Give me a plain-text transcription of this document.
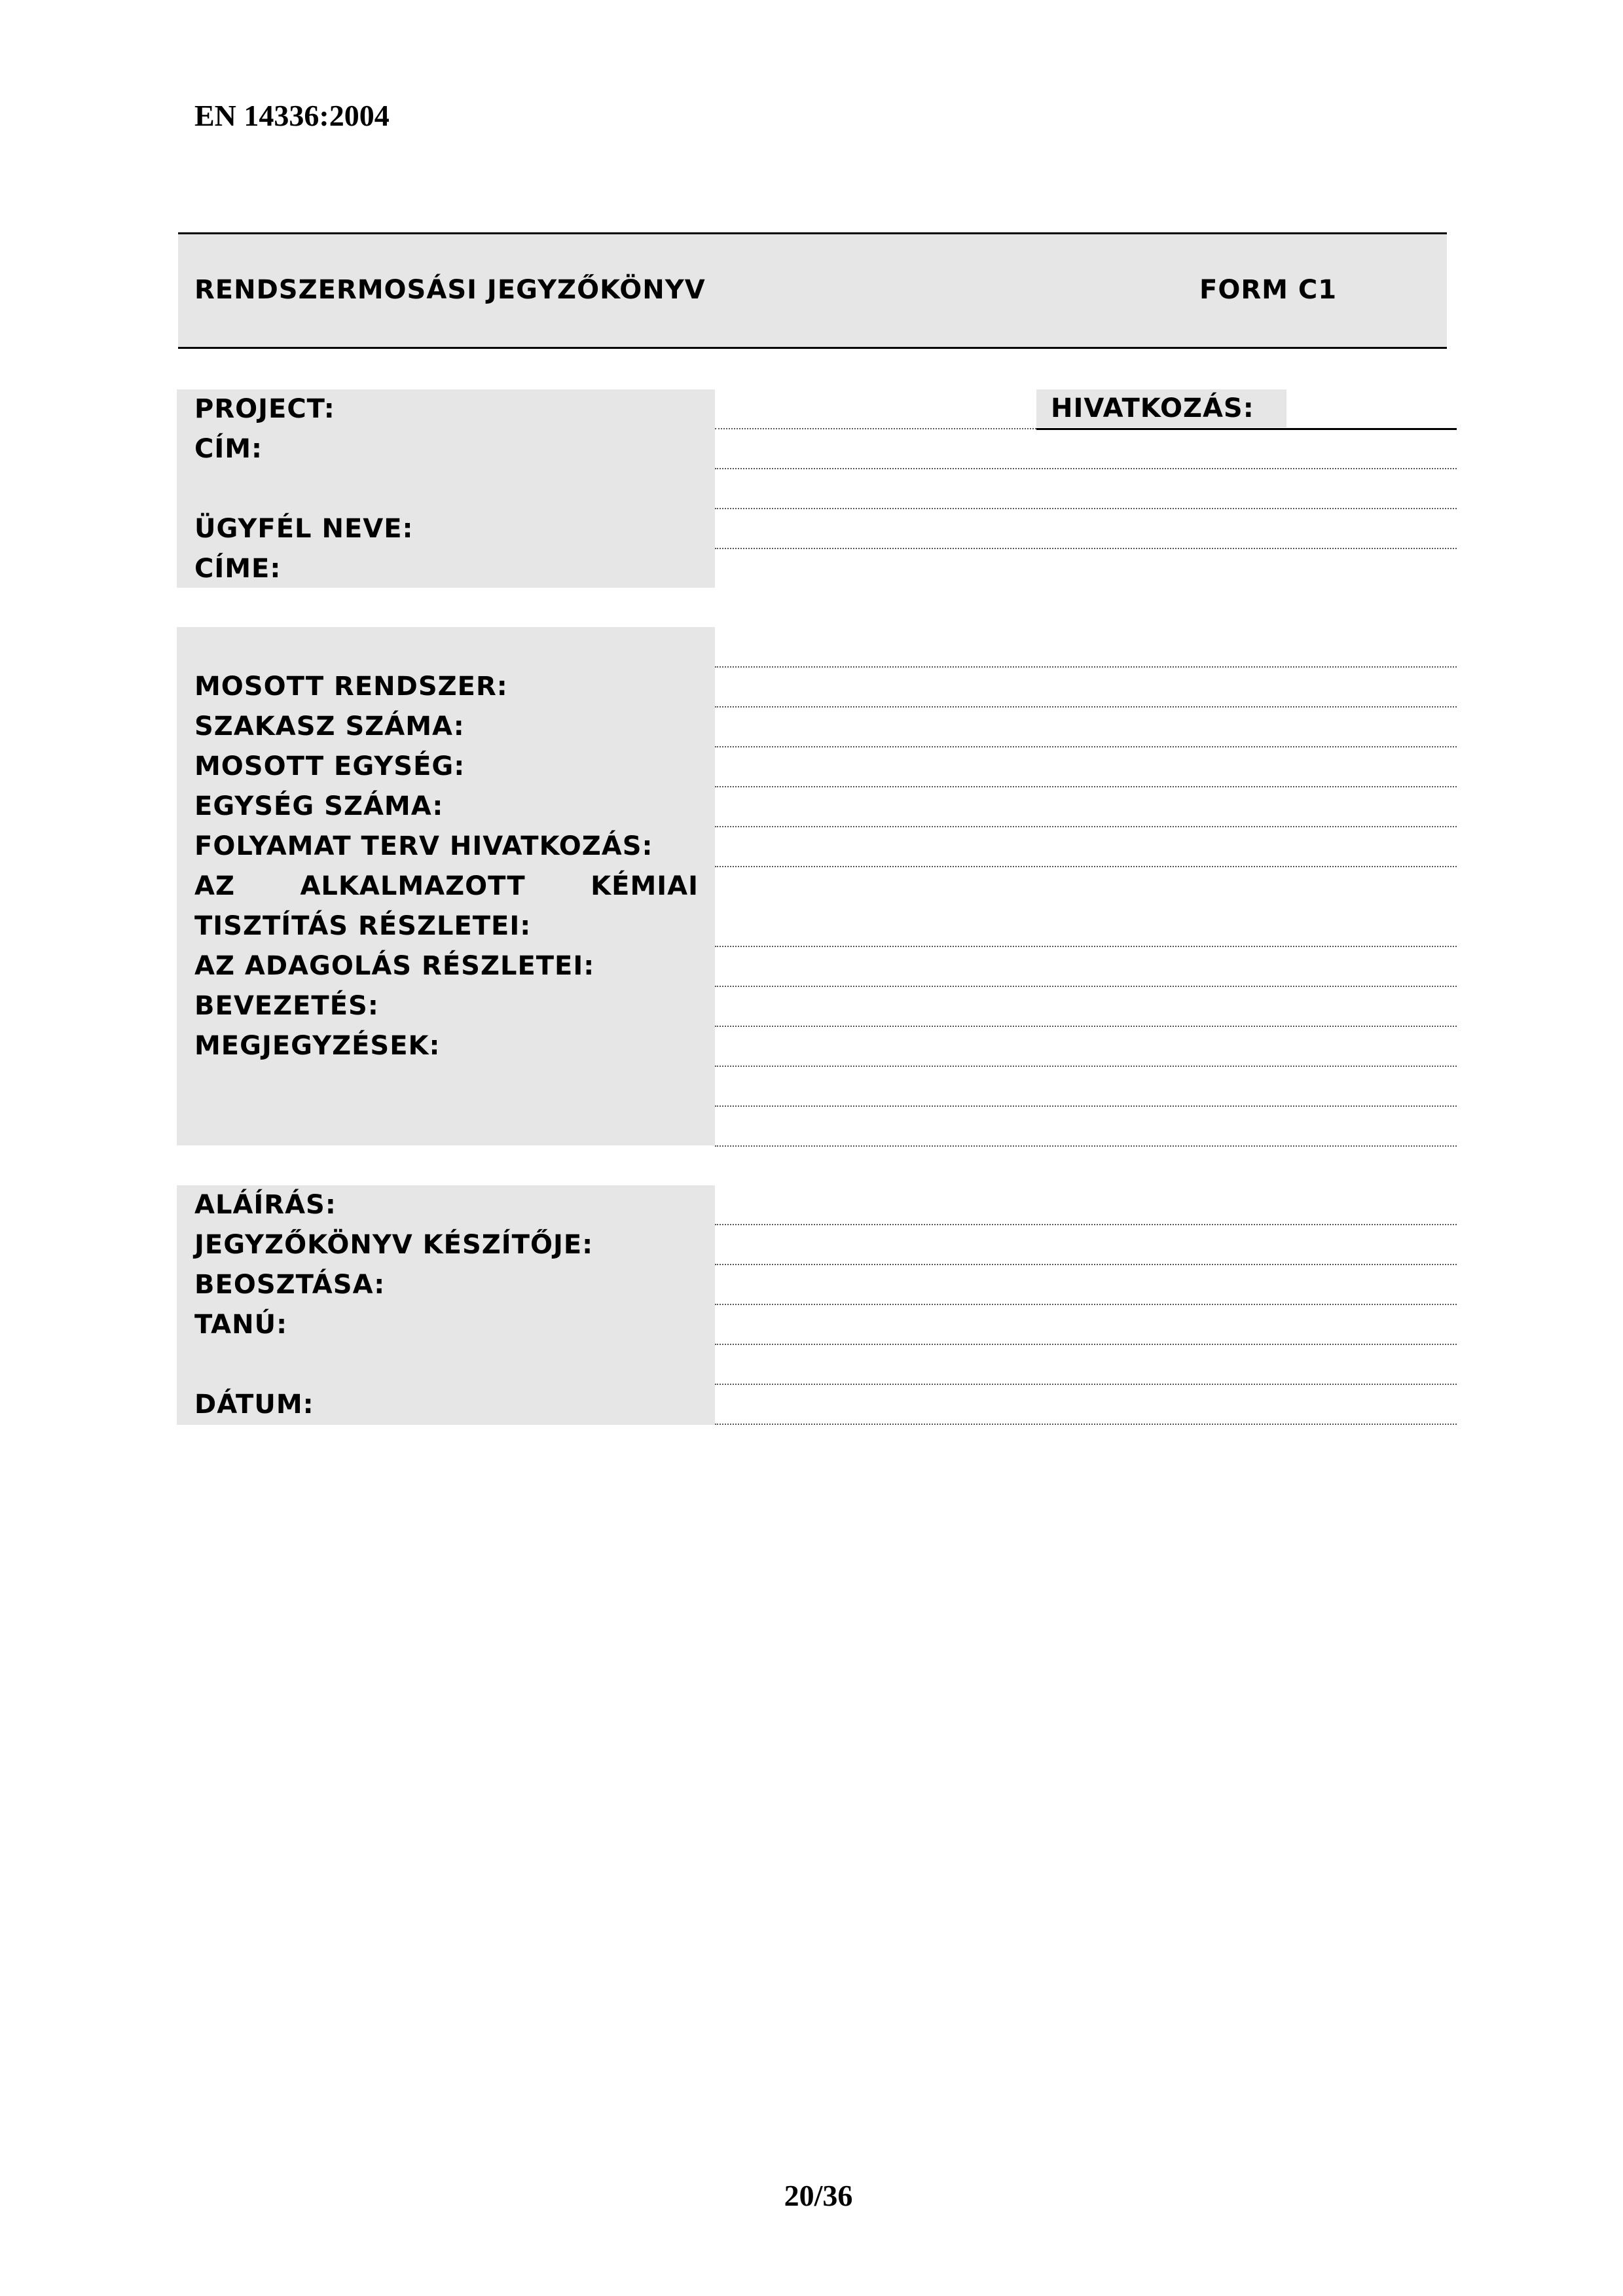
EN 14336:2004
RENDSZERMOSÁSI JEGYZŐKÖNYV	FORM C1
PROJECT:
CÍM:
ÜGYFÉL NEVE:
CÍME:
HIVATKOZÁS:
MOSOTT RENDSZER:
SZAKASZ SZÁMA:
MOSOTT EGYSÉG:
EGYSÉG SZÁMA:
FOLYAMAT TERV HIVATKOZÁS:
AZ ALKALMAZOTT KÉMIAI
TISZTÍTÁS RÉSZLETEI:
AZ ADAGOLÁS RÉSZLETEI:
BEVEZETÉS:
MEGJEGYZÉSEK:
ALÁÍRÁS:
JEGYZŐKÖNYV KÉSZÍTŐJE:
BEOSZTÁSA:
TANÚ:
DÁTUM:
20/36
